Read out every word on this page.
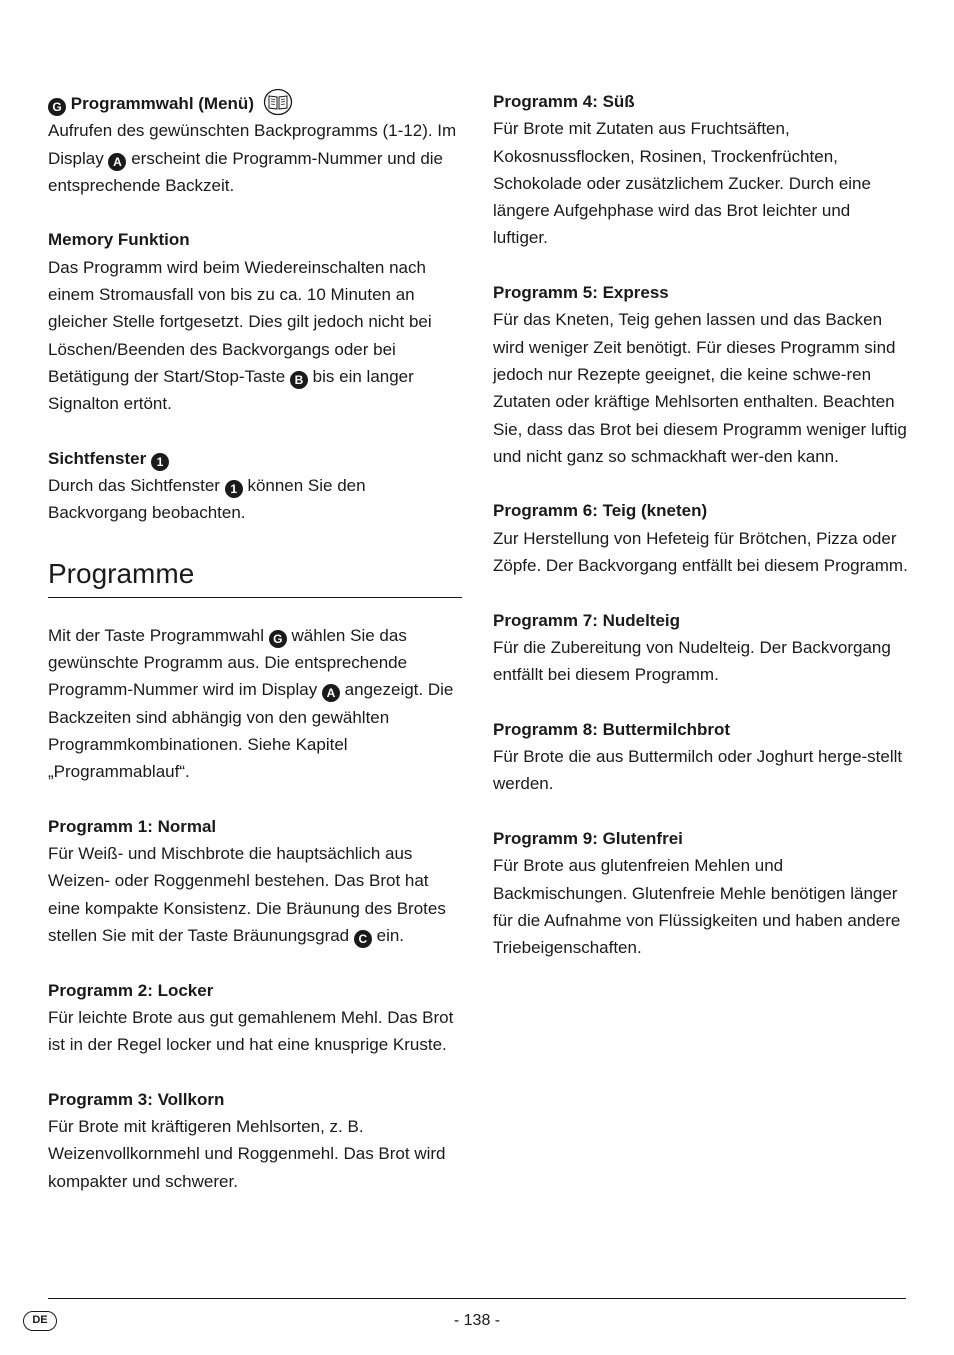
G Programmwahl (Menü)

Aufrufen des gewünschten Backprogramms (1-12). Im Display A erscheint die Programm-Nummer und die entsprechende Backzeit.

Memory Funktion

Das Programm wird beim Wiedereinschalten nach einem Stromausfall von bis zu ca. 10 Minuten an gleicher Stelle fortgesetzt. Dies gilt jedoch nicht bei Löschen/Beenden des Backvorgangs oder bei Betätigung der Start/Stop-Taste B bis ein langer Signalton ertönt.

Sichtfenster 1

Durch das Sichtfenster 1 können Sie den Backvorgang beobachten.

Programme

Mit der Taste Programmwahl G wählen Sie das gewünschte Programm aus. Die entsprechende Programm-Nummer wird im Display A angezeigt. Die Backzeiten sind abhängig von den gewählten Programmkombinationen. Siehe Kapitel „Programmablauf“.

Programm 1: Normal

Für Weiß- und Mischbrote die hauptsächlich aus Weizen- oder Roggenmehl bestehen. Das Brot hat eine kompakte Konsistenz. Die Bräunung des Brotes stellen Sie mit der Taste Bräunungsgrad C ein.

Programm 2: Locker

Für leichte Brote aus gut gemahlenem Mehl. Das Brot ist in der Regel locker und hat eine knusprige Kruste.

Programm 3: Vollkorn

Für Brote mit kräftigeren Mehlsorten, z. B. Weizenvollkornmehl und Roggenmehl. Das Brot wird kompakter und schwerer.

Programm 4: Süß

Für Brote mit Zutaten aus Fruchtsäften, Kokosnussflocken, Rosinen, Trockenfrüchten, Schokolade oder zusätzlichem Zucker. Durch eine längere Aufgehphase wird das Brot leichter und luftiger.

Programm 5: Express

Für das Kneten, Teig gehen lassen und das Backen wird weniger Zeit benötigt. Für dieses Programm sind jedoch nur Rezepte geeignet, die keine schwe-ren Zutaten oder kräftige Mehlsorten enthalten. Beachten Sie, dass das Brot bei diesem Programm weniger luftig und nicht ganz so schmackhaft wer-den kann.

Programm 6: Teig (kneten)

Zur Herstellung von Hefeteig für Brötchen, Pizza oder Zöpfe. Der Backvorgang entfällt bei diesem Programm.

Programm 7: Nudelteig

Für die Zubereitung von Nudelteig. Der Backvorgang entfällt bei diesem Programm.

Programm 8: Buttermilchbrot

Für Brote die aus Buttermilch oder Joghurt herge-stellt werden.

Programm 9: Glutenfrei

Für Brote aus glutenfreien Mehlen und Backmischungen. Glutenfreie Mehle benötigen länger für die Aufnahme von Flüssigkeiten und haben andere Triebeigenschaften.

DE	- 138 -
